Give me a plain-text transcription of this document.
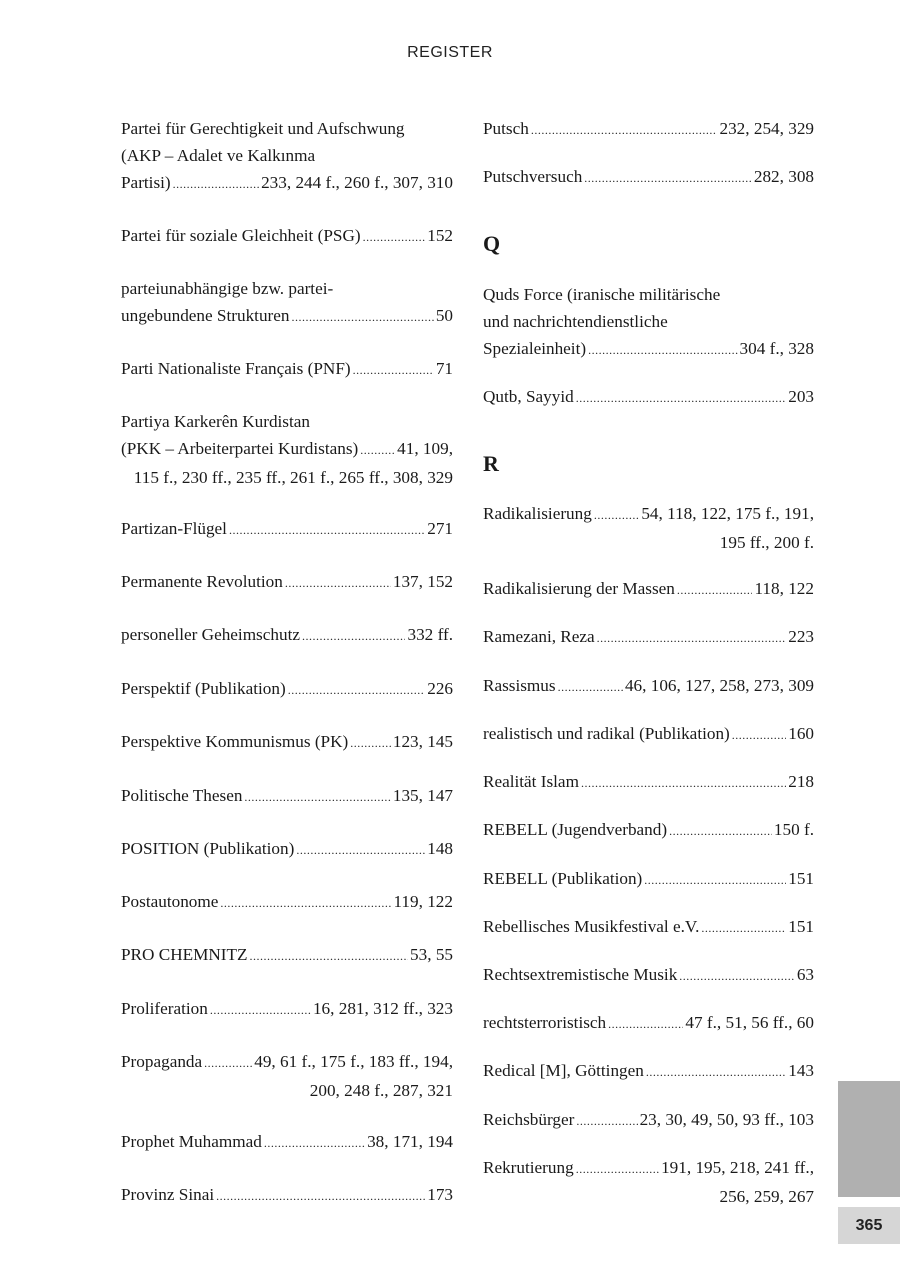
REGISTER
Partei für Gerechtigkeit und Aufschwung
(AKP – Adalet ve Kalkınma
Partisi) .....	233, 244 f., 260 f., 307, 310
Partei für soziale Gleichheit (PSG) .....	152
parteiunabhängige bzw. partei-
ungebundene Strukturen .....	50
Parti Nationaliste Français (PNF) .....	71
Partiya Karkerên Kurdistan
(PKK – Arbeiterpartei Kurdistans) ..... 41, 109,
115 f., 230 ff., 235 ff., 261 f., 265 ff., 308, 329
Partizan-Flügel .....	271
Permanente Revolution .....	137, 152
personeller Geheimschutz .....	332 ff.
Perspektif (Publikation) .....	226
Perspektive Kommunismus (PK) .....	123, 145
Politische Thesen .....	135, 147
POSITION (Publikation) .....	148
Postautonome .....	119, 122
PRO CHEMNITZ .....	53, 55
Proliferation .....	16, 281, 312 ff., 323
Propaganda .....	49, 61 f., 175 f., 183 ff., 194,
200, 248 f., 287, 321
Prophet Muhammad .....	38, 171, 194
Provinz Sinai .....	173
Putsch .....	232, 254, 329
Putschversuch .....	282, 308
Q
Quds Force (iranische militärische
und nachrichtendienstliche
Spezialeinheit) .....	304 f., 328
Qutb, Sayyid .....	203
R
Radikalisierung .....	54, 118, 122, 175 f., 191,
195 ff., 200 f.
Radikalisierung der Massen .....	118, 122
Ramezani, Reza .....	223
Rassismus .....	46, 106, 127, 258, 273, 309
realistisch und radikal (Publikation) .....	160
Realität Islam .....	218
REBELL (Jugendverband) .....	150 f.
REBELL (Publikation) .....	151
Rebellisches Musikfestival e.V. .....	151
Rechtsextremistische Musik .....	63
rechtsterroristisch .....	47 f., 51, 56 ff., 60
Redical [M], Göttingen .....	143
Reichsbürger .....	23, 30, 49, 50, 93 ff., 103
Rekrutierung .....	191, 195, 218, 241 ff.,
256, 259, 267
365
